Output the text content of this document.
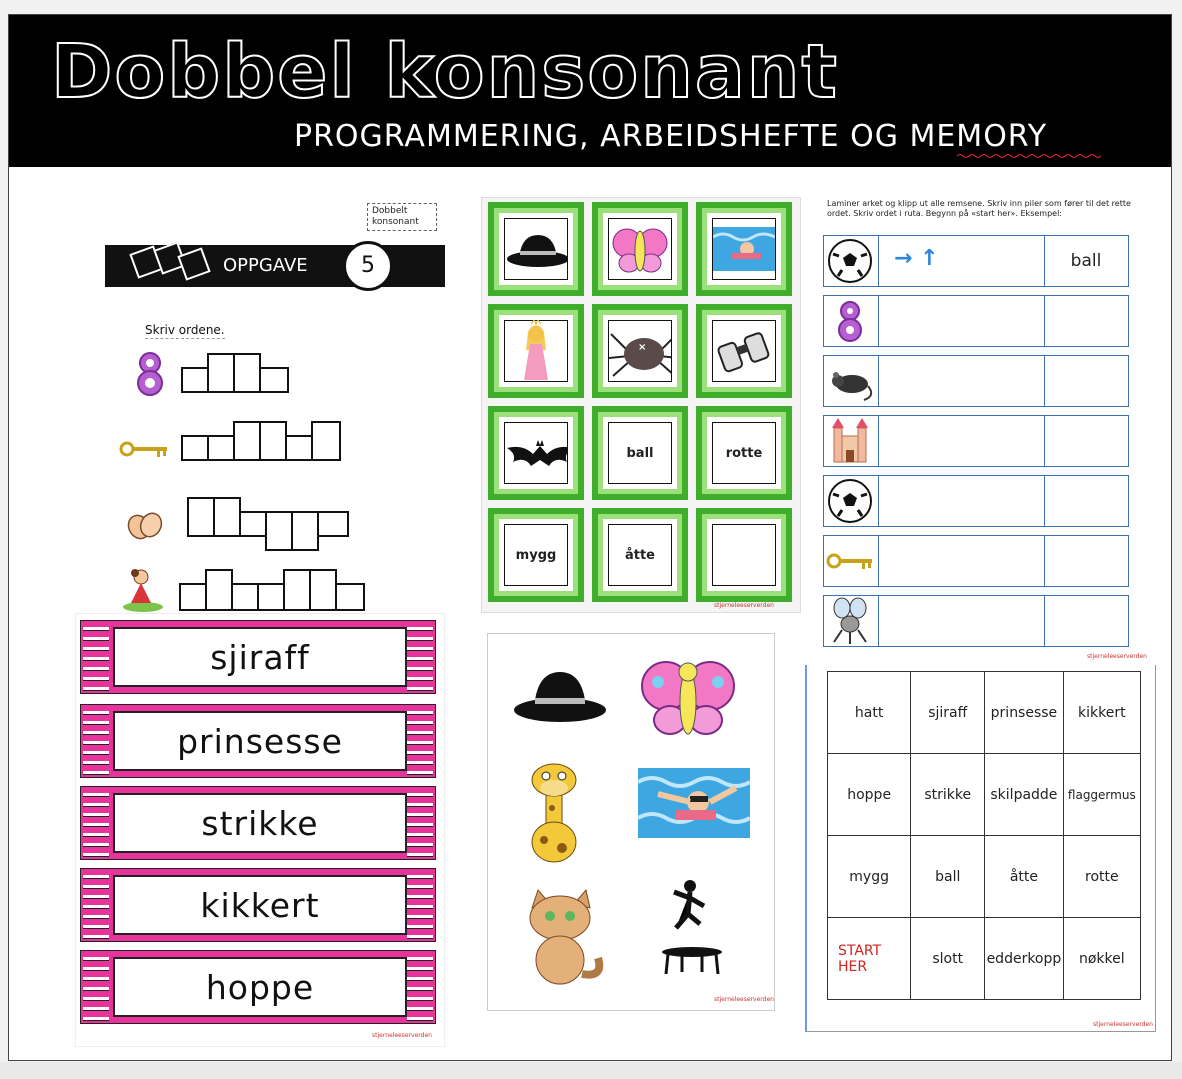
Dobbel konsonant
PROGRAMMERING, ARBEIDSHEFTE OG MEMORY
Dobbelt konsonant
OPPGAVE	5
Skriv ordene.
×
ball	rotte
mygg	åtte
stjerneleeserverden
Laminer arket og klipp ut alle remsene. Skriv inn piler som fører til det rette ordet. Skriv ordet i ruta. Begynn på «start her». Eksempel:
→ ↑	ball
stjerneleeserverden
sjiraff
prinsesse
strikke
kikkert
hoppe
stjerneleeserverden
stjerneleeserverden
hatt	sjiraff	prinsesse	kikkert
hoppe	strikke	skilpadde	flaggermus
mygg	ball	åtte	rotte
START HER	slott	edderkopp	nøkkel
stjerneleeserverden
